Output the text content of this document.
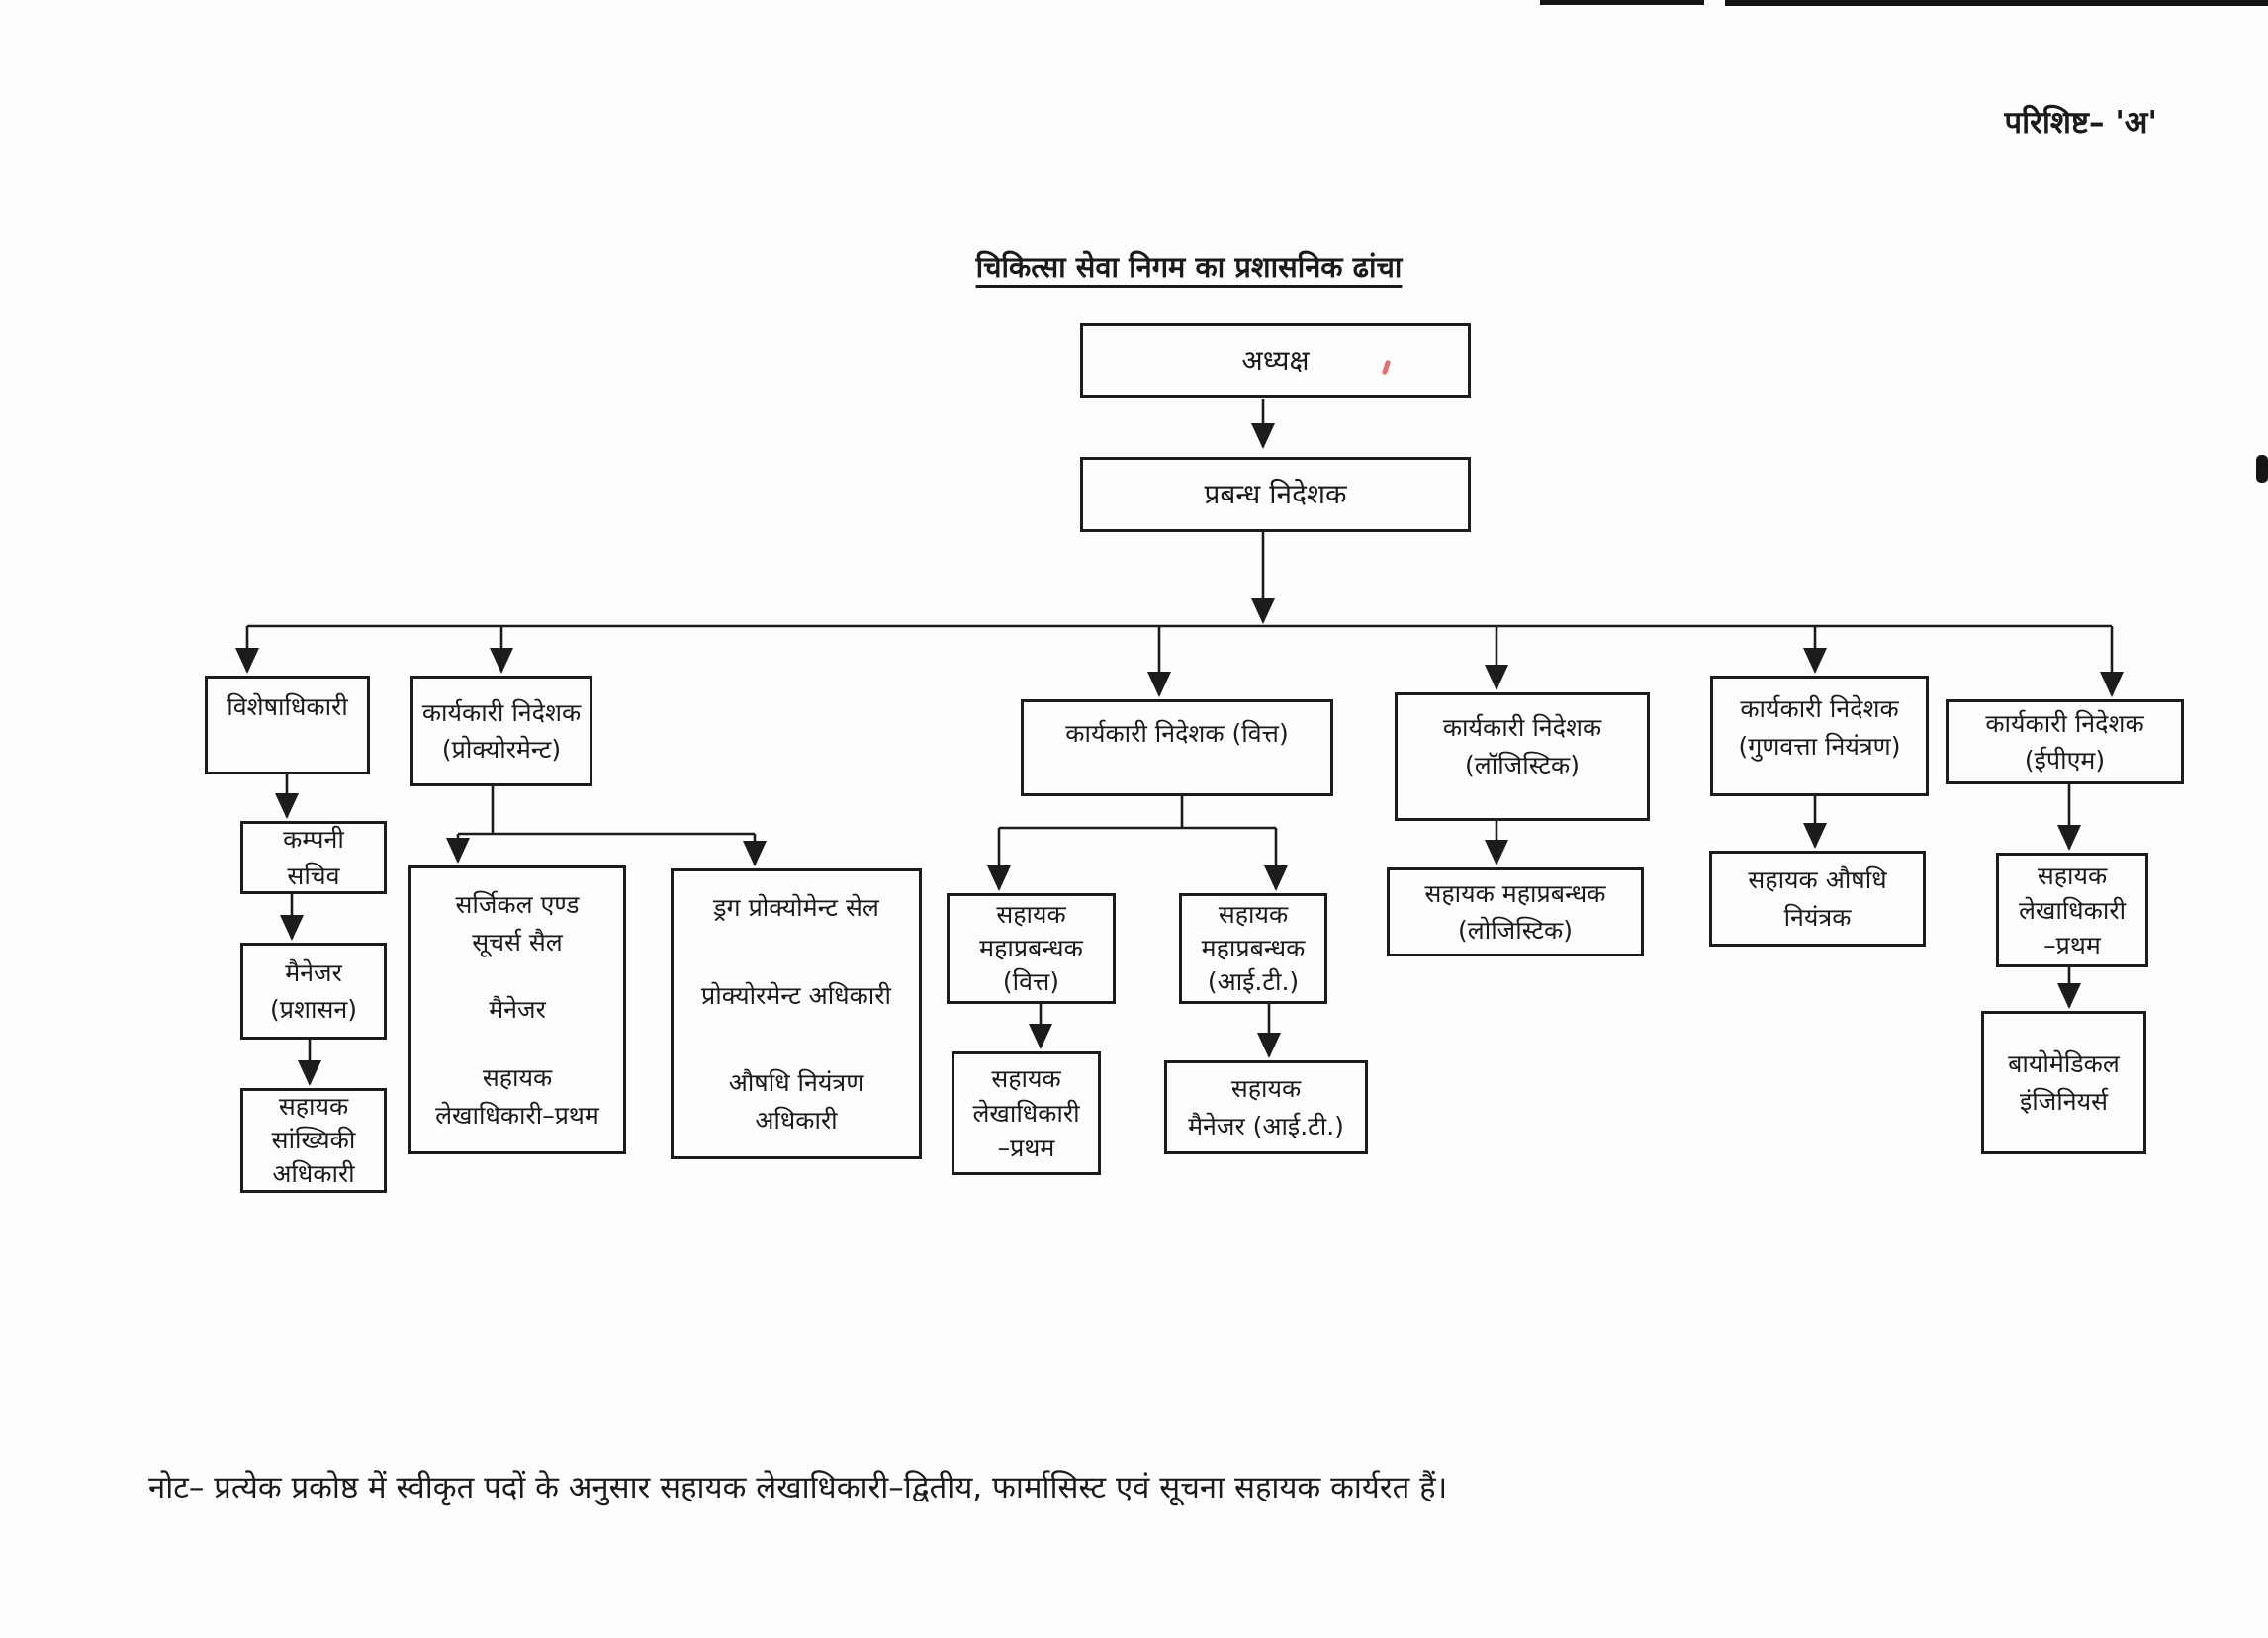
परिशिष्ट– 'अ'
चिकित्सा सेवा निगम का प्रशासनिक ढांचा
अध्यक्ष
प्रबन्ध निदेशक
विशेषाधिकारी	कार्यकारी निदेशक
(प्रोक्योरमेन्ट)
कार्यकारी निदेशक (वित्त)	कार्यकारी निदेशक
(लॉजिस्टिक)
कार्यकारी निदेशक
(गुणवत्ता नियंत्रण)
कार्यकारी निदेशक
(ईपीएम)
कम्पनी
सचिव
मैनेजर
(प्रशासन)
सहायक
सांख्यिकी
अधिकारी
सर्जिकल एण्ड
सूचर्स सैल
मैनेजर
सहायक
लेखाधिकारी–प्रथम
ड्रग प्रोक्योमेन्ट सेल
प्रोक्योरमेन्ट अधिकारी
औषधि नियंत्रण
अधिकारी
सहायक
महाप्रबन्धक
(वित्त)
सहायक
महाप्रबन्धक
(आई.टी.)
सहायक
लेखाधिकारी
–प्रथम
सहायक
मैनेजर (आई.टी.)
सहायक महाप्रबन्धक
(लोजिस्टिक)
सहायक औषधि
नियंत्रक
सहायक
लेखाधिकारी
–प्रथम
बायोमेडिकल
इंजिनियर्स
नोट– प्रत्येक प्रकोष्ठ में स्वीकृत पदों के अनुसार सहायक लेखाधिकारी–द्वितीय, फार्मासिस्ट एवं सूचना सहायक कार्यरत हैं।
